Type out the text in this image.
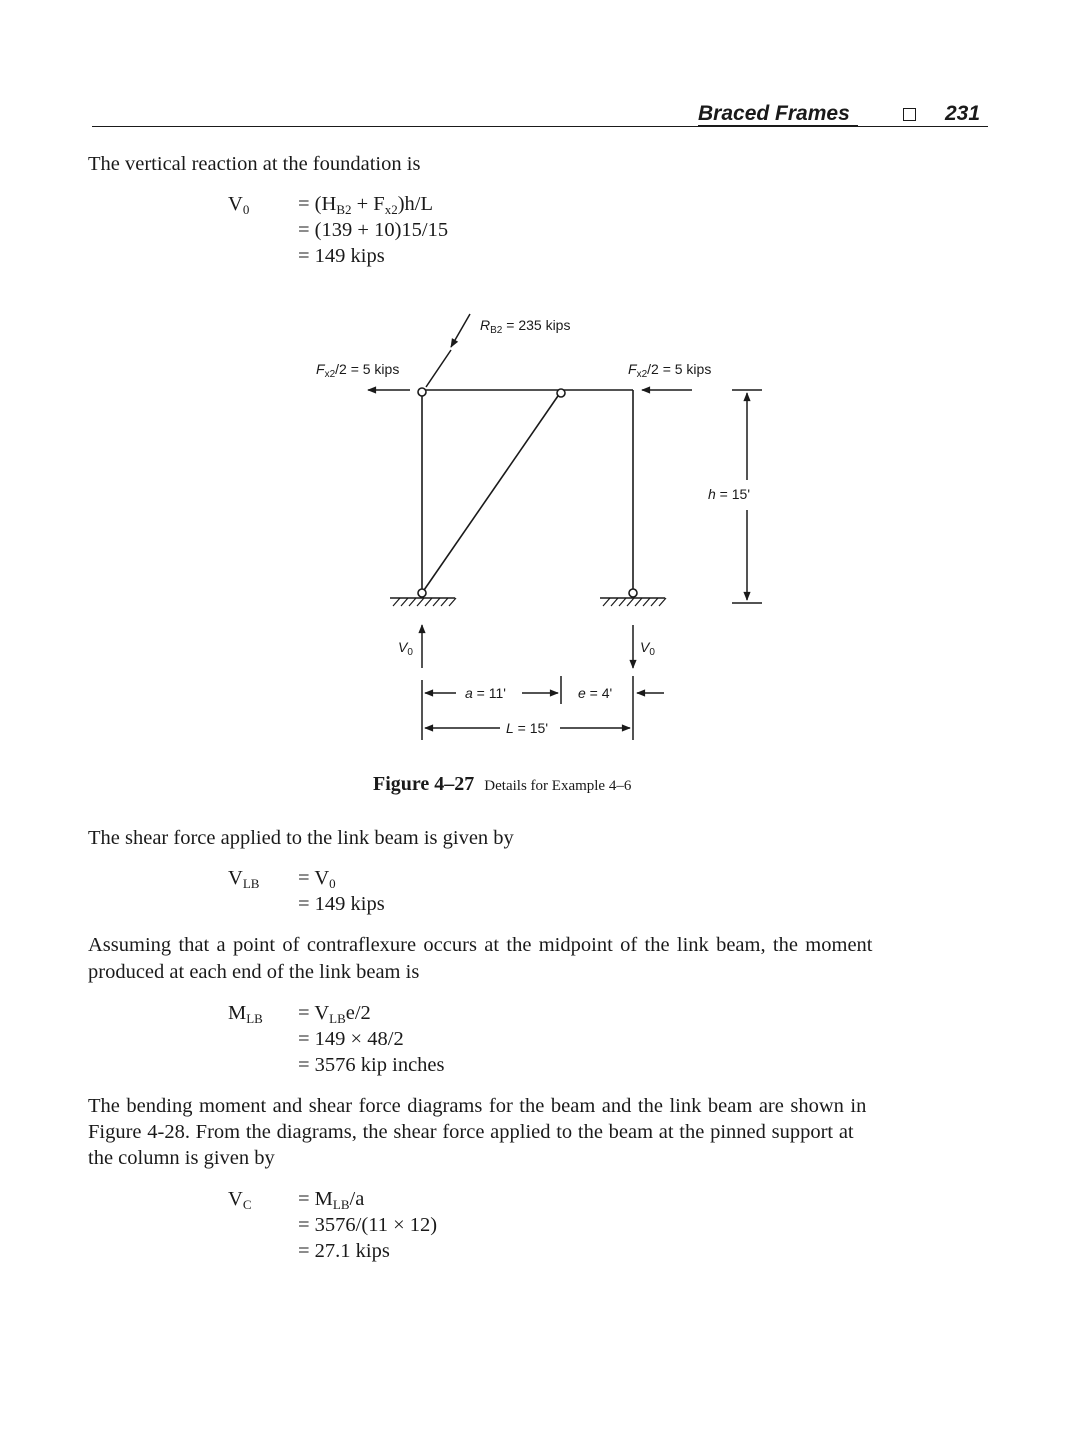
Braced Frames	231
The vertical reaction at the foundation is
$V_0 = (H_{B2} + F_{x2})h/L$
= (139 + 10)15/15
= 149 kips
$R_{B2} = 235$ kips
$F_{x2}/2 = 5$ kips	$F_{x2}/2 = 5$ kips
h = 15'
$V_0$	$V_0$
a = 11'	e = 4'
L = 15'
Figure 4–27 Details for Example 4–6
The shear force applied to the link beam is given by
$V_{LB} = V_0$
= 149 kips
Assuming that a point of contraflexure occurs at the midpoint of the link beam, the moment
produced at each end of the link beam is
$M_{LB} = V_{LB}e/2$
= 149 × 48/2
= 3576 kip inches
The bending moment and shear force diagrams for the beam and the link beam are shown in
Figure 4-28. From the diagrams, the shear force applied to the beam at the pinned support at
the column is given by
$V_C = M_{LB}/a$
= 3576/(11 × 12)
= 27.1 kips
